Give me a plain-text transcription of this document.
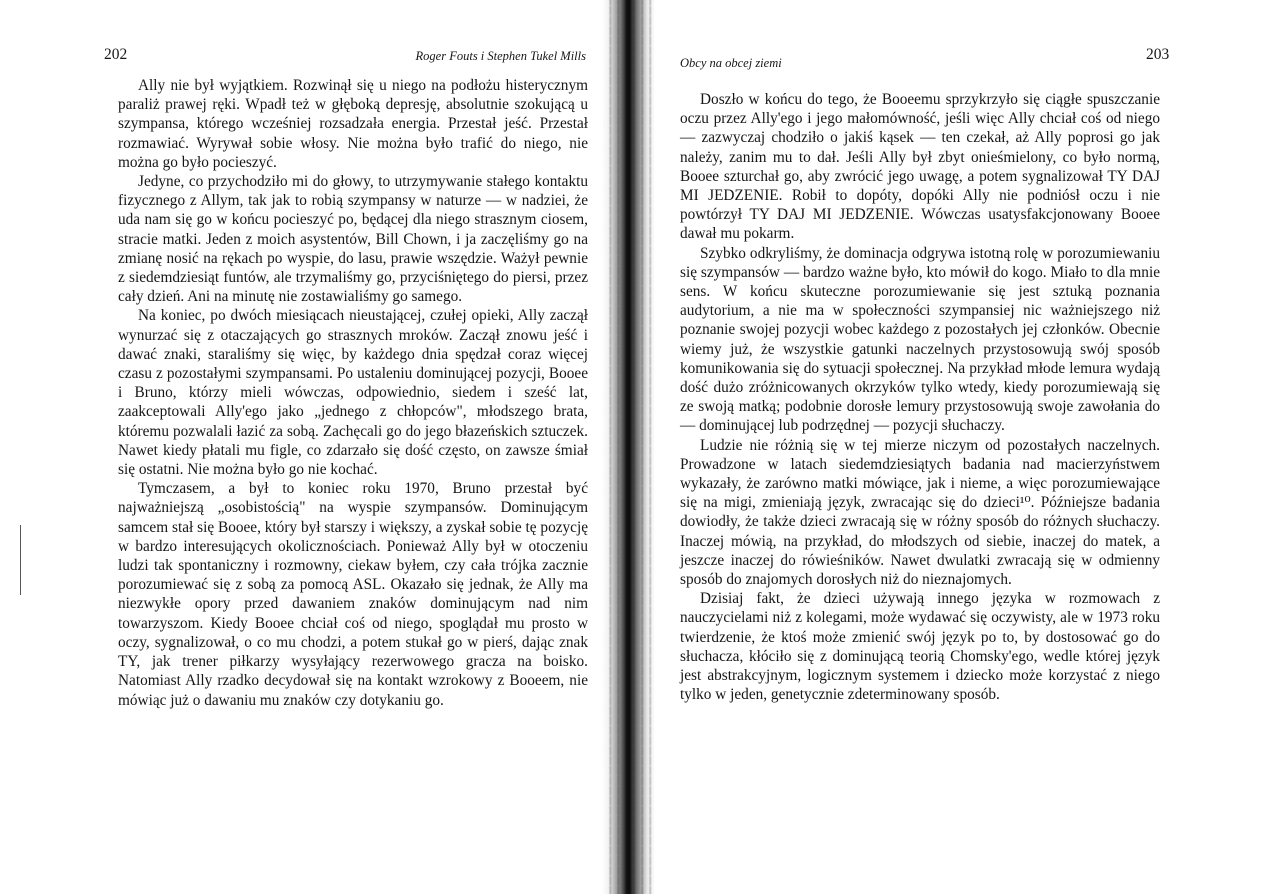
202	Roger Fouts i Stephen Tukel Mills

Ally nie był wyjątkiem. Rozwinął się u niego na podłożu histerycznym paraliż prawej ręki. Wpadł też w głęboką depresję, absolutnie szokującą u szympansa, którego wcześniej rozsadzała energia. Przestał jeść. Przestał rozmawiać. Wyrywał sobie włosy. Nie można było trafić do niego, nie można go było pocieszyć.

Jedyne, co przychodziło mi do głowy, to utrzymywanie stałego kontaktu fizycznego z Allym, tak jak to robią szympansy w naturze — w nadziei, że uda nam się go w końcu pocieszyć po, będącej dla niego strasznym ciosem, stracie matki. Jeden z moich asystentów, Bill Chown, i ja zaczęliśmy go na zmianę nosić na rękach po wyspie, do lasu, prawie wszędzie. Ważył pewnie z siedemdziesiąt funtów, ale trzymaliśmy go, przyciśniętego do piersi, przez cały dzień. Ani na minutę nie zostawialiśmy go samego.

Na koniec, po dwóch miesiącach nieustającej, czułej opieki, Ally zaczął wynurzać się z otaczających go strasznych mroków. Zaczął znowu jeść i dawać znaki, staraliśmy się więc, by każdego dnia spędzał coraz więcej czasu z pozostałymi szympansami. Po ustaleniu dominującej pozycji, Booee i Bruno, którzy mieli wówczas, odpowiednio, siedem i sześć lat, zaakceptowali Ally'ego jako „jednego z chłopców", młodszego brata, któremu pozwalali łazić za sobą. Zachęcali go do jego błazeńskich sztuczek. Nawet kiedy płatali mu figle, co zdarzało się dość często, on zawsze śmiał się ostatni. Nie można było go nie kochać.

Tymczasem, a był to koniec roku 1970, Bruno przestał być najważniejszą „osobistością" na wyspie szympansów. Dominującym samcem stał się Booee, który był starszy i większy, a zyskał sobie tę pozycję w bardzo interesujących okolicznościach. Ponieważ Ally był w otoczeniu ludzi tak spontaniczny i rozmowny, ciekaw byłem, czy cała trójka zacznie porozumiewać się z sobą za pomocą ASL. Okazało się jednak, że Ally ma niezwykłe opory przed dawaniem znaków dominującym nad nim towarzyszom. Kiedy Booee chciał coś od niego, spoglądał mu prosto w oczy, sygnalizował, o co mu chodzi, a potem stukał go w pierś, dając znak TY, jak trener piłkarzy wysyłający rezerwowego gracza na boisko. Natomiast Ally rzadko decydował się na kontakt wzrokowy z Booeem, nie mówiąc już o dawaniu mu znaków czy dotykaniu go.

Obcy na obcej ziemi	203

Doszło w końcu do tego, że Booeemu sprzykrzyło się ciągłe spuszczanie oczu przez Ally'ego i jego małomówność, jeśli więc Ally chciał coś od niego — zazwyczaj chodziło o jakiś kąsek — ten czekał, aż Ally poprosi go jak należy, zanim mu to dał. Jeśli Ally był zbyt onieśmielony, co było normą, Booee szturchał go, aby zwrócić jego uwagę, a potem sygnalizował TY DAJ MI JEDZENIE. Robił to dopóty, dopóki Ally nie podniósł oczu i nie powtórzył TY DAJ MI JEDZENIE. Wówczas usatysfakcjonowany Booee dawał mu pokarm.

Szybko odkryliśmy, że dominacja odgrywa istotną rolę w porozumiewaniu się szympansów — bardzo ważne było, kto mówił do kogo. Miało to dla mnie sens. W końcu skuteczne porozumiewanie się jest sztuką poznania audytorium, a nie ma w społeczności szympansiej nic ważniejszego niż poznanie swojej pozycji wobec każdego z pozostałych jej członków. Obecnie wiemy już, że wszystkie gatunki naczelnych przystosowują swój sposób komunikowania się do sytuacji społecznej. Na przykład młode lemura wydają dość dużo zróżnicowanych okrzyków tylko wtedy, kiedy porozumiewają się ze swoją matką; podobnie dorosłe lemury przystosowują swoje zawołania do — dominującej lub podrzędnej — pozycji słuchaczy.

Ludzie nie różnią się w tej mierze niczym od pozostałych naczelnych. Prowadzone w latach siedemdziesiątych badania nad macierzyństwem wykazały, że zarówno matki mówiące, jak i nieme, a więc porozumiewające się na migi, zmieniają język, zwracając się do dzieci¹⁰. Późniejsze badania dowiodły, że także dzieci zwracają się w różny sposób do różnych słuchaczy. Inaczej mówią, na przykład, do młodszych od siebie, inaczej do matek, a jeszcze inaczej do rówieśników. Nawet dwulatki zwracają się w odmienny sposób do znajomych dorosłych niż do nieznajomych.

Dzisiaj fakt, że dzieci używają innego języka w rozmowach z nauczycielami niż z kolegami, może wydawać się oczywisty, ale w 1973 roku twierdzenie, że ktoś może zmienić swój język po to, by dostosować go do słuchacza, kłóciło się z dominującą teorią Chomsky'ego, wedle której język jest abstrakcyjnym, logicznym systemem i dziecko może korzystać z niego tylko w jeden, genetycznie zdeterminowany sposób.
